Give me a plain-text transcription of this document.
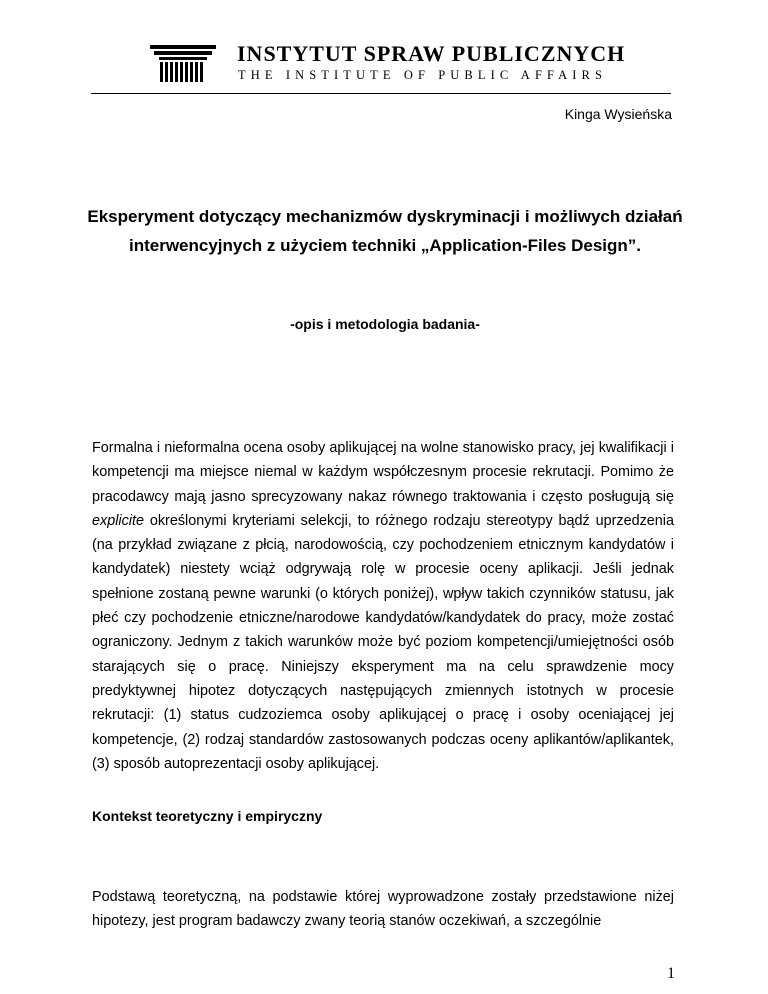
INSTYTUT SPRAW PUBLICZNYCH
THE INSTITUTE OF PUBLIC AFFAIRS
Kinga Wysieńska
Eksperyment dotyczący mechanizmów dyskryminacji i możliwych działań interwencyjnych z użyciem techniki „Application-Files Design”.

-opis i metodologia badania-

Formalna i nieformalna ocena osoby aplikującej na wolne stanowisko pracy, jej kwalifikacji i kompetencji ma miejsce niemal w każdym współczesnym procesie rekrutacji. Pomimo że pracodawcy mają jasno sprecyzowany nakaz równego traktowania i często posługują się explicite określonymi kryteriami selekcji, to różnego rodzaju stereotypy bądź uprzedzenia (na przykład związane z płcią, narodowością, czy pochodzeniem etnicznym kandydatów i kandydatek) niestety wciąż odgrywają rolę w procesie oceny aplikacji. Jeśli jednak spełnione zostaną pewne warunki (o których poniżej), wpływ takich czynników statusu, jak płeć czy pochodzenie etniczne/narodowe kandydatów/kandydatek do pracy, może zostać ograniczony. Jednym z takich warunków może być poziom kompetencji/umiejętności osób starających się o pracę. Niniejszy eksperyment ma na celu sprawdzenie mocy predyktywnej hipotez dotyczących następujących zmiennych istotnych w procesie rekrutacji: (1) status cudzoziemca osoby aplikującej o pracę i osoby oceniającej jej kompetencje, (2) rodzaj standardów zastosowanych podczas oceny aplikantów/aplikantek, (3) sposób autoprezentacji osoby aplikującej.

Kontekst teoretyczny i empiryczny

Podstawą teoretyczną, na podstawie której wyprowadzone zostały przedstawione niżej hipotezy, jest program badawczy zwany teorią stanów oczekiwań, a szczególnie

1
